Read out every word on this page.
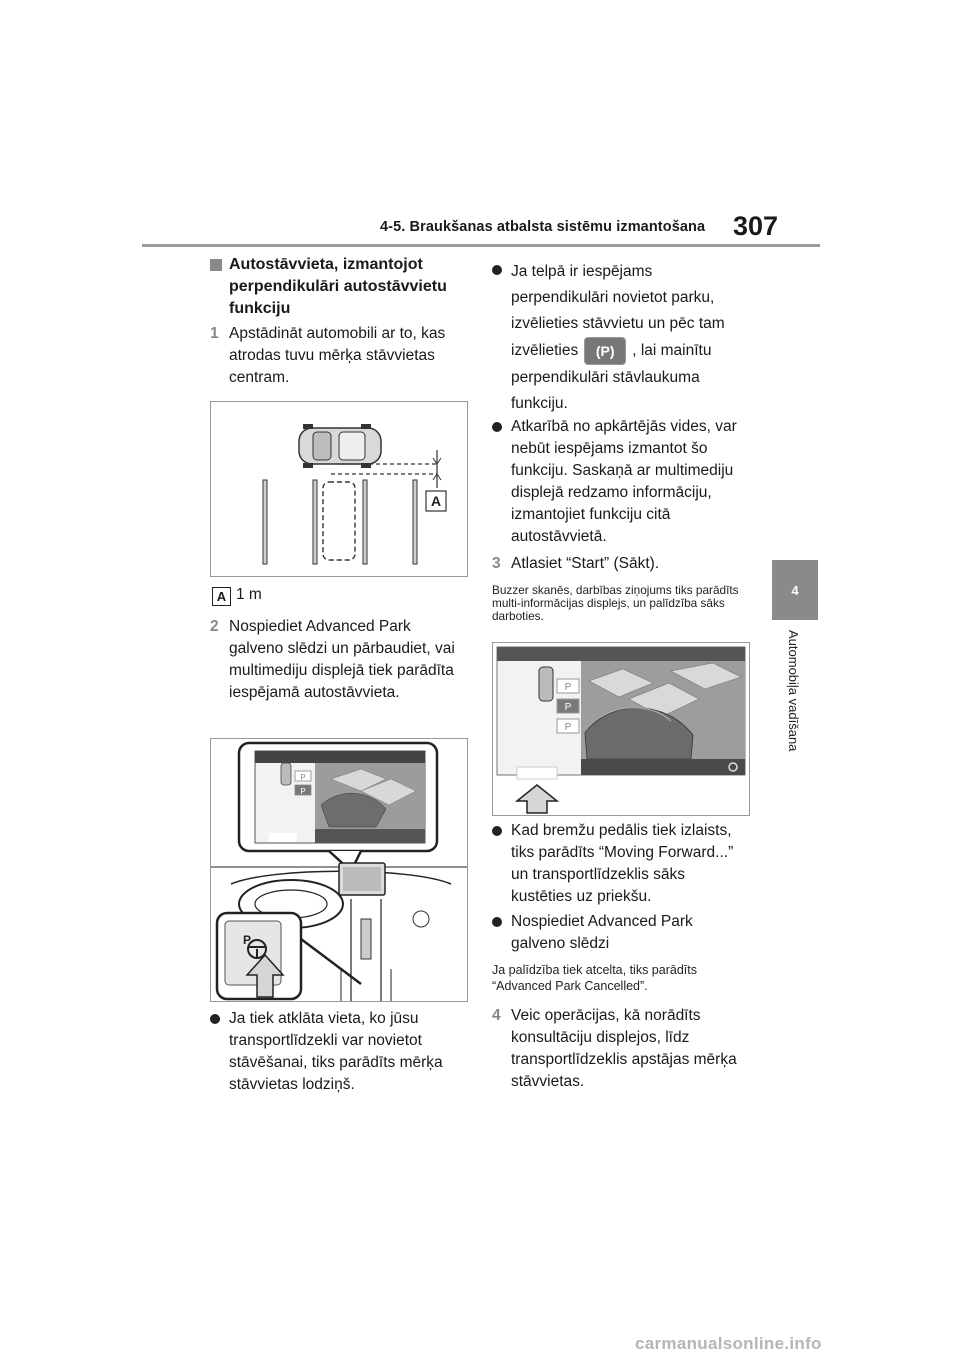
4-5. Braukšanas atbalsta sistēmu izmantošana 307
4
Automobiļa vadīšana
Autostāvvieta, izmantojot perpendikulāri autostāvvietu funkciju
1 Apstādināt automobili ar to, kas atrodas tuvu mērķa stāvvietas centram.
A
A 1 m
2 Nospiediet Advanced Park galveno slēdzi un pārbaudiet, vai multimediju displejā tiek parādīta iespējamā autostāvvieta.
P
P
P
Ja tiek atklāta vieta, ko jūsu transportlīdzekli var novietot stāvēšanai, tiks parādīts mērķa stāvvietas lodziņš.
Ja telpā ir iespējams perpendikulāri novietot parku, izvēlieties stāvvietu un pēc tam izvēlieties (P) , lai mainītu perpendikulāri stāvlaukuma funkciju.
Atkarībā no apkārtējās vides, var nebūt iespējams izmantot šo funkciju. Saskaņā ar multimediju displejā redzamo informāciju, izmantojiet funkciju citā autostāvvietā.
3 Atlasiet “Start” (Sākt).
Buzzer skanēs, darbības ziņojums tiks parādīts multi-informācijas displejs, un palīdzība sāks darboties.
P
P
P
Kad bremžu pedālis tiek izlaists, tiks parādīts “Moving Forward...” un transportlīdzeklis sāks kustēties uz priekšu.
Nospiediet Advanced Park galveno slēdzi
Ja palīdzība tiek atcelta, tiks parādīts “Advanced Park Cancelled”.
4 Veic operācijas, kā norādīts konsultāciju displejos, līdz transportlīdzeklis apstājas mērķa stāvvietas.
carmanualsonline.info
